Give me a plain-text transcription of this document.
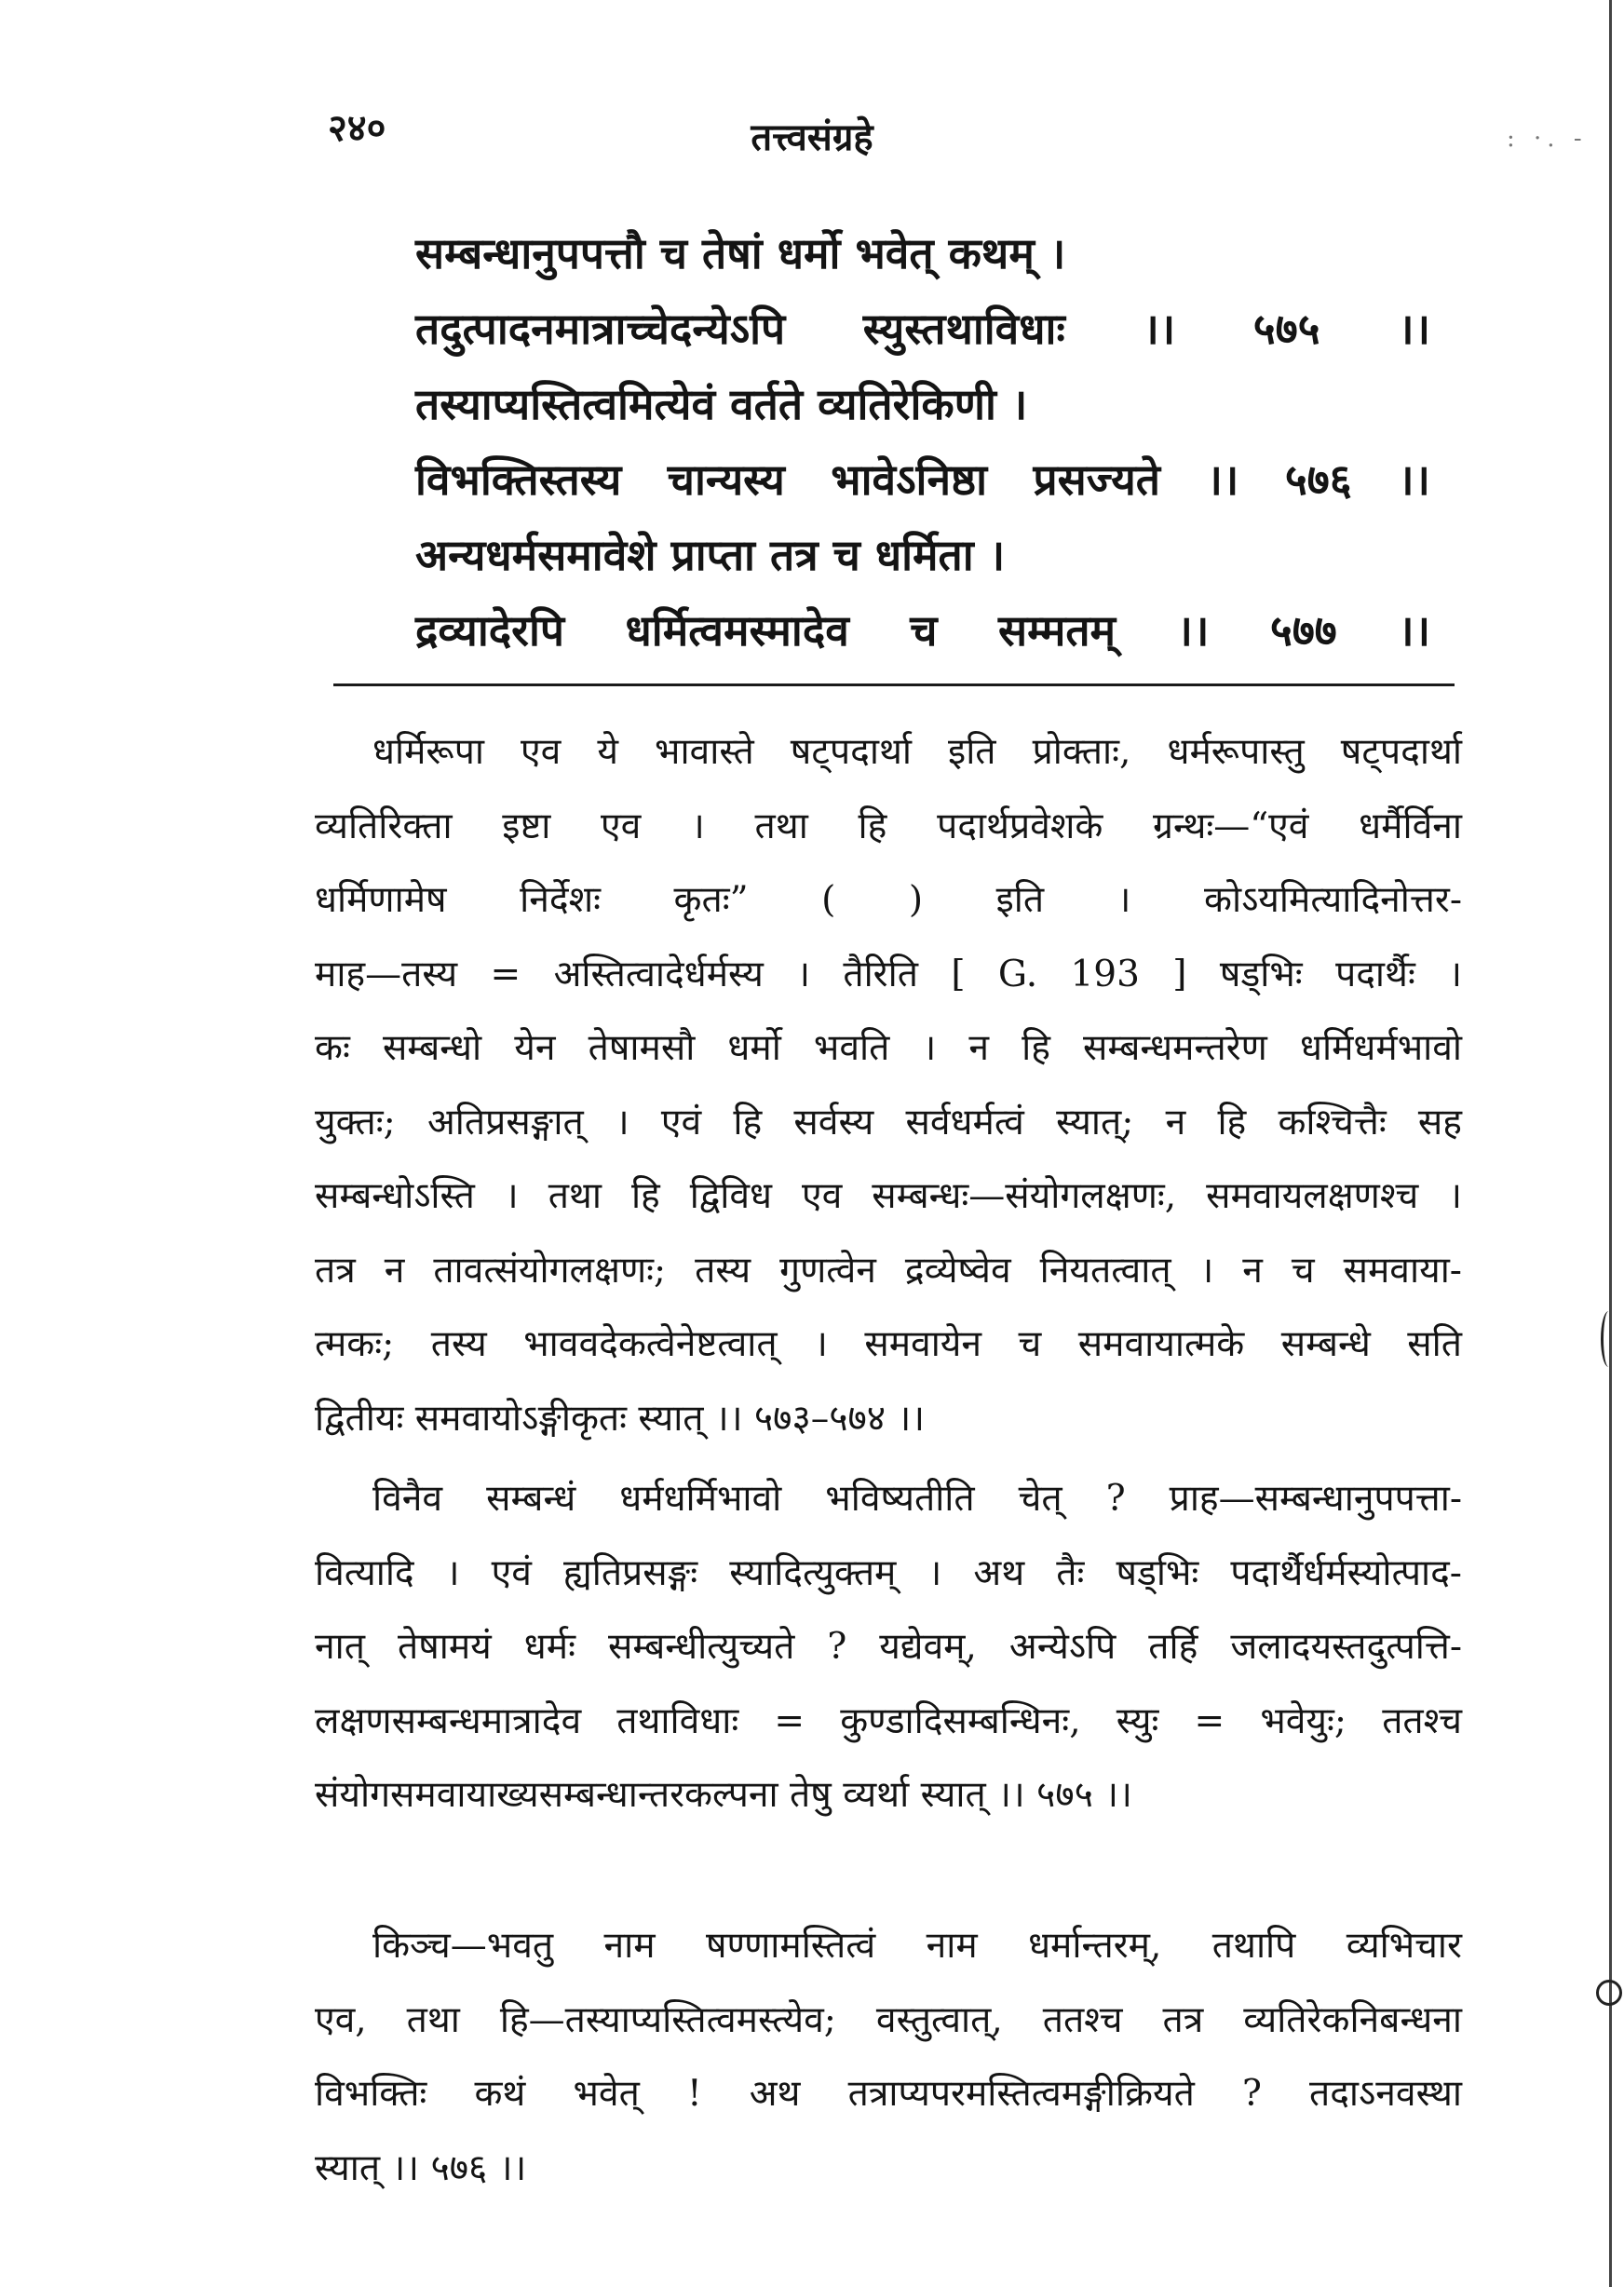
२४०	तत्त्वसंग्रहे	: ·. -
सम्बन्धानुपपत्तौ च तेषां धर्मो भवेत् कथम् ।
तदुत्पादनमात्राच्चेदन्येऽपि स्युस्तथाविधाः ।। ५७५ ।।
तस्याप्यस्तित्वमित्येवं वर्तते व्यतिरेकिणी ।
विभक्तिस्तस्य चान्यस्य भावेऽनिष्ठा प्रसज्यते ।। ५७६ ।।
अन्यधर्मसमावेशे प्राप्ता तत्र च धर्मिता ।
द्रव्यादेरपि धर्मित्वमस्मादेव च सम्मतम् ।। ५७७ ।।
धर्मिरूपा एव ये भावास्ते षट्पदार्था इति प्रोक्ताः, धर्मरूपास्तु षट्पदार्था
व्यतिरिक्ता इष्टा एव । तथा हि पदार्थप्रवेशके ग्रन्थः—“एवं धर्मैर्विना
धर्मिणामेष निर्देशः कृतः” ( ) इति । कोऽयमित्यादिनोत्तर-
माह—तस्य = अस्तित्वादेर्धर्मस्य । तैरिति [ G. 193 ] षड्भिः पदार्थैः ।
कः सम्बन्धो येन तेषामसौ धर्मो भवति । न हि सम्बन्धमन्तरेण धर्मिधर्मभावो
युक्तः; अतिप्रसङ्गात् । एवं हि सर्वस्य सर्वधर्मत्वं स्यात्; न हि कश्चित्तैः सह
सम्बन्धोऽस्ति । तथा हि द्विविध एव सम्बन्धः—संयोगलक्षणः, समवायलक्षणश्च ।
तत्र न तावत्संयोगलक्षणः; तस्य गुणत्वेन द्रव्येष्वेव नियतत्वात् । न च समवाया-
त्मकः; तस्य भाववदेकत्वेनेष्टत्वात् । समवायेन च समवायात्मके सम्बन्धे सति
द्वितीयः समवायोऽङ्गीकृतः स्यात् ।। ५७३–५७४ ।।
विनैव सम्बन्धं धर्मधर्मिभावो भविष्यतीति चेत् ? प्राह—सम्बन्धानुपपत्ता-
वित्यादि । एवं ह्यतिप्रसङ्गः स्यादित्युक्तम् । अथ तैः षड्भिः पदार्थैर्धर्मस्योत्पाद-
नात् तेषामयं धर्मः सम्बन्धीत्युच्यते ? यद्येवम्, अन्येऽपि तर्हि जलादयस्तदुत्पत्ति-
लक्षणसम्बन्धमात्रादेव तथाविधाः = कुण्डादिसम्बन्धिनः, स्युः = भवेयुः; ततश्च
संयोगसमवायाख्यसम्बन्धान्तरकल्पना तेषु व्यर्था स्यात् ।। ५७५ ।।
किञ्च—भवतु नाम षण्णामस्तित्वं नाम धर्मान्तरम्, तथापि व्यभिचार
एव, तथा हि—तस्याप्यस्तित्वमस्त्येव; वस्तुत्वात्, ततश्च तत्र व्यतिरेकनिबन्धना
विभक्तिः कथं भवेत् ! अथ तत्राप्यपरमस्तित्वमङ्गीक्रियते ? तदाऽनवस्था
स्यात् ।। ५७६ ।।
